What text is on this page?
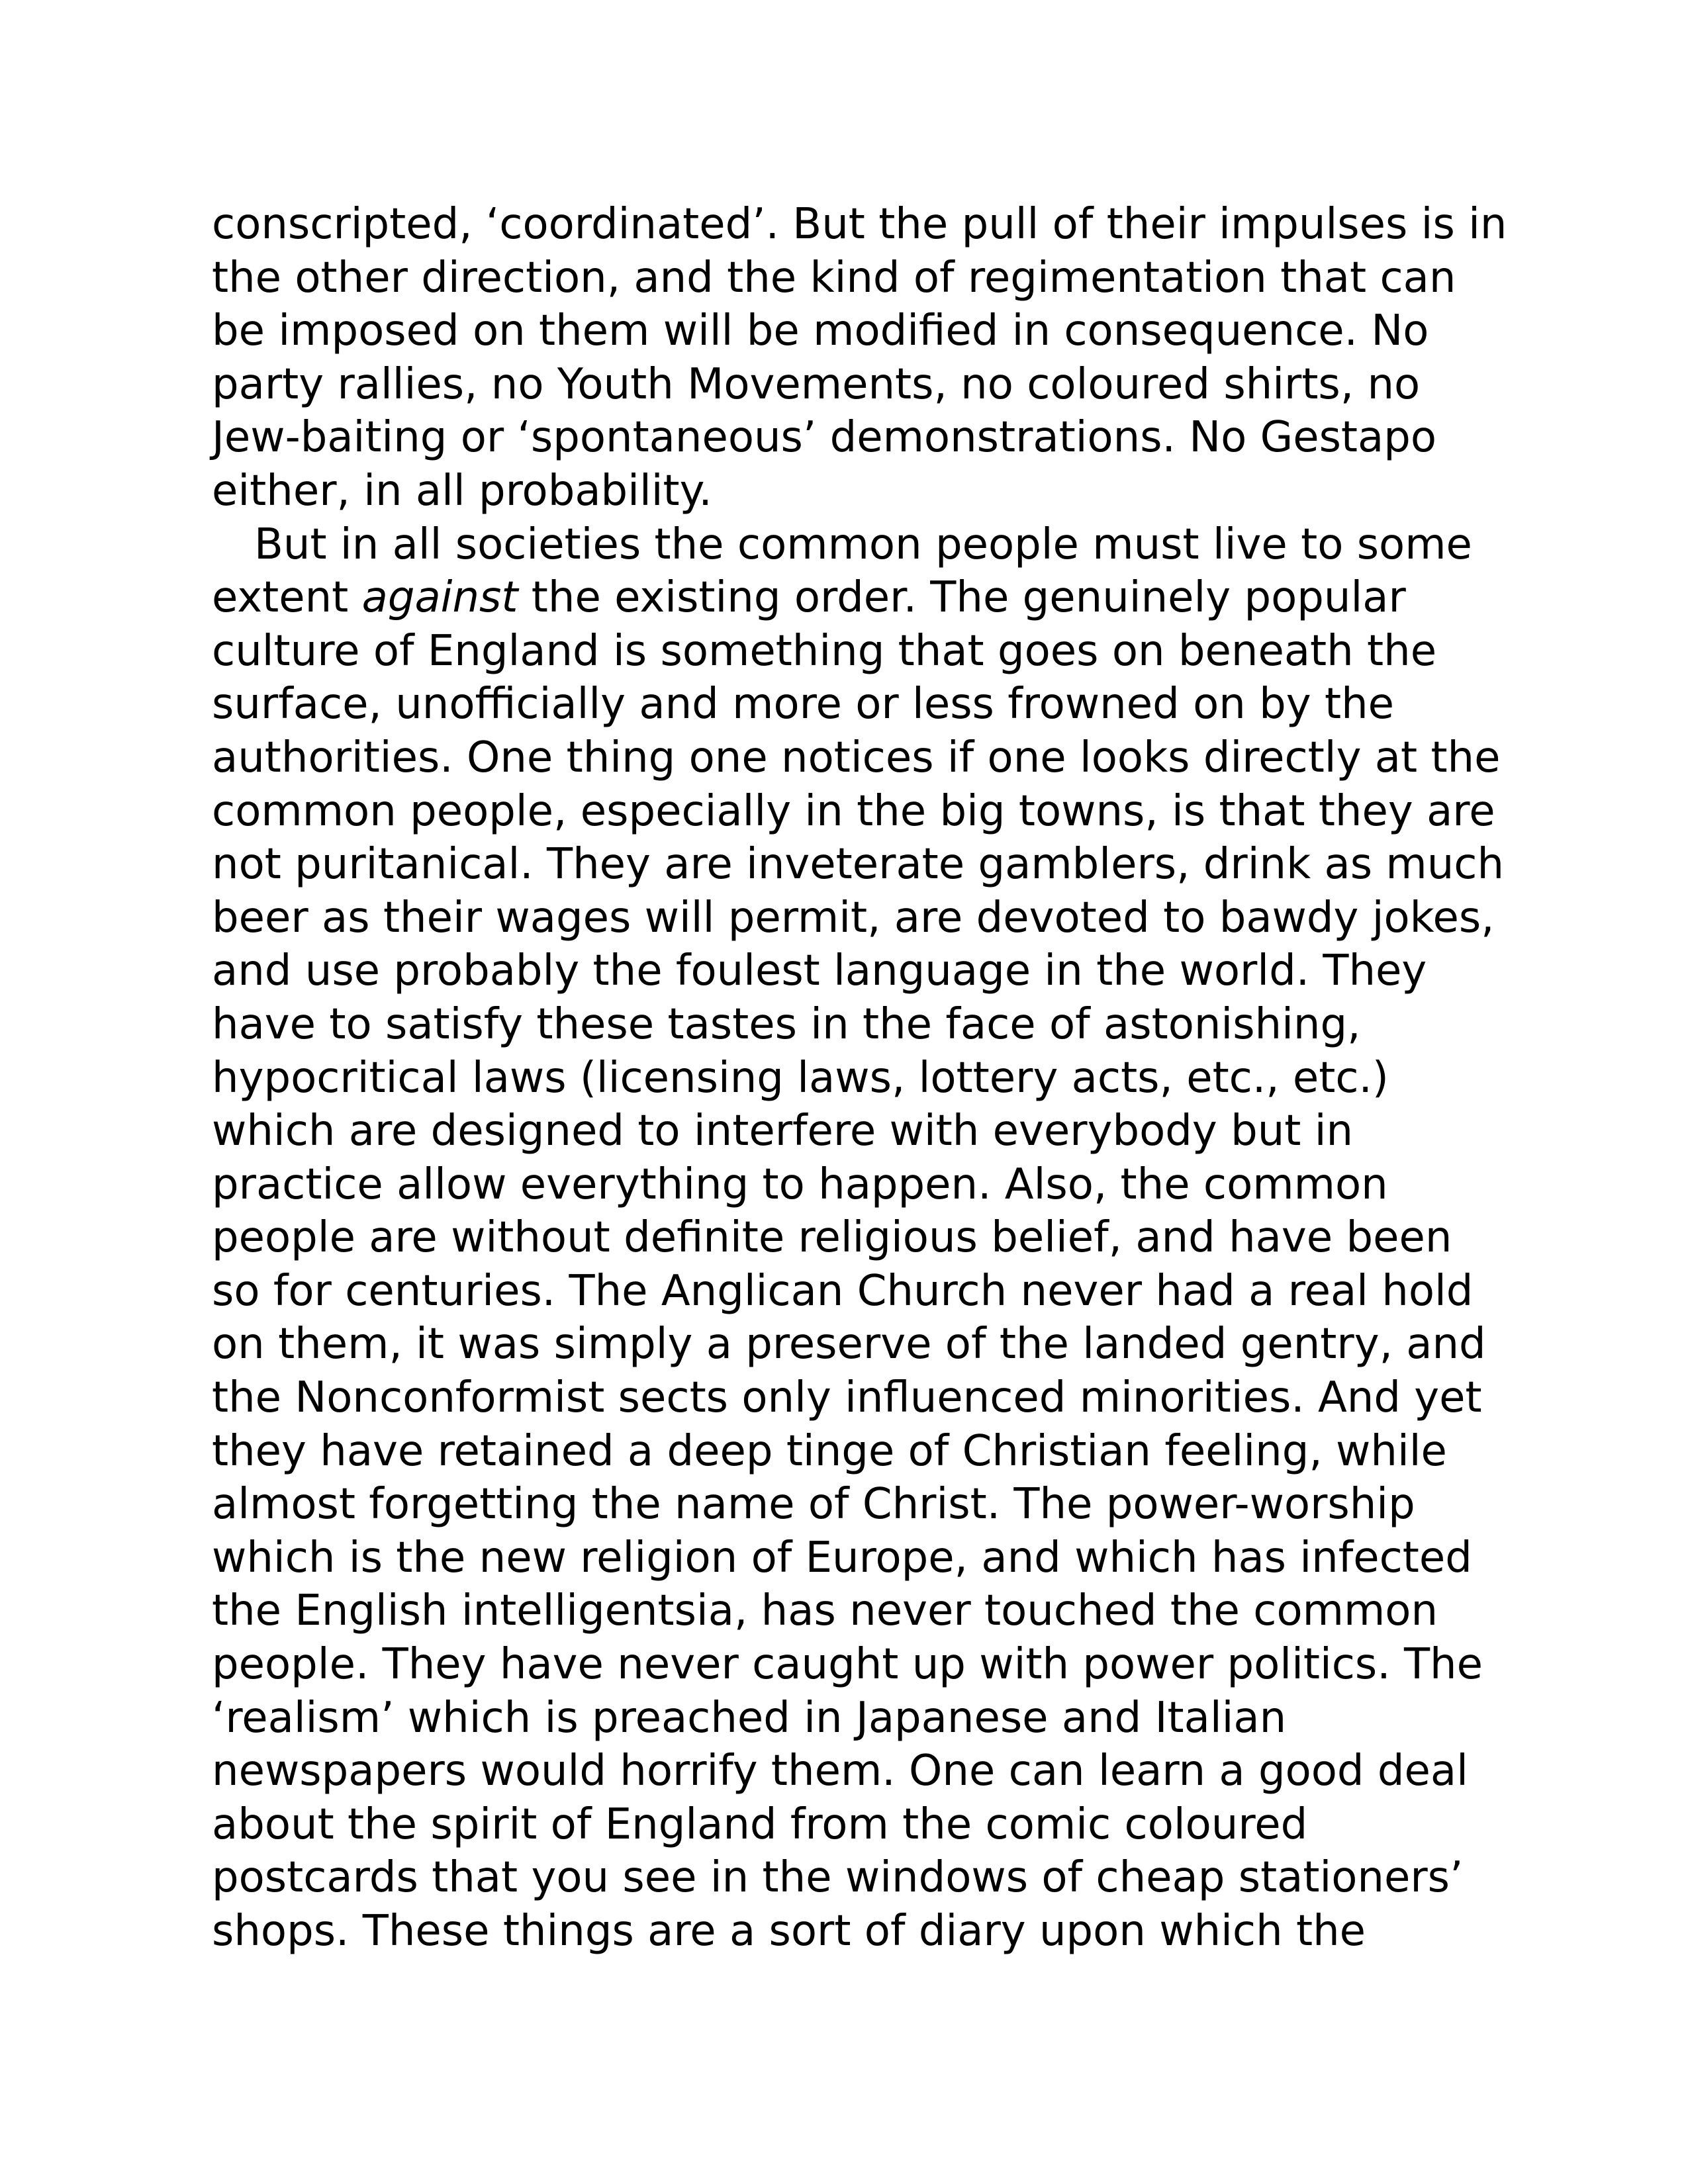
conscripted, ‘coordinated’. But the pull of their impulses is in
the other direction, and the kind of regimentation that can
be imposed on them will be modified in consequence. No
party rallies, no Youth Movements, no coloured shirts, no
Jew-baiting or ‘spontaneous’ demonstrations. No Gestapo
either, in all probability.
But in all societies the common people must live to some
extent against the existing order. The genuinely popular
culture of England is something that goes on beneath the
surface, unofficially and more or less frowned on by the
authorities. One thing one notices if one looks directly at the
common people, especially in the big towns, is that they are
not puritanical. They are inveterate gamblers, drink as much
beer as their wages will permit, are devoted to bawdy jokes,
and use probably the foulest language in the world. They
have to satisfy these tastes in the face of astonishing,
hypocritical laws (licensing laws, lottery acts, etc., etc.)
which are designed to interfere with everybody but in
practice allow everything to happen. Also, the common
people are without definite religious belief, and have been
so for centuries. The Anglican Church never had a real hold
on them, it was simply a preserve of the landed gentry, and
the Nonconformist sects only influenced minorities. And yet
they have retained a deep tinge of Christian feeling, while
almost forgetting the name of Christ. The power-worship
which is the new religion of Europe, and which has infected
the English intelligentsia, has never touched the common
people. They have never caught up with power politics. The
‘realism’ which is preached in Japanese and Italian
newspapers would horrify them. One can learn a good deal
about the spirit of England from the comic coloured
postcards that you see in the windows of cheap stationers’
shops. These things are a sort of diary upon which the
